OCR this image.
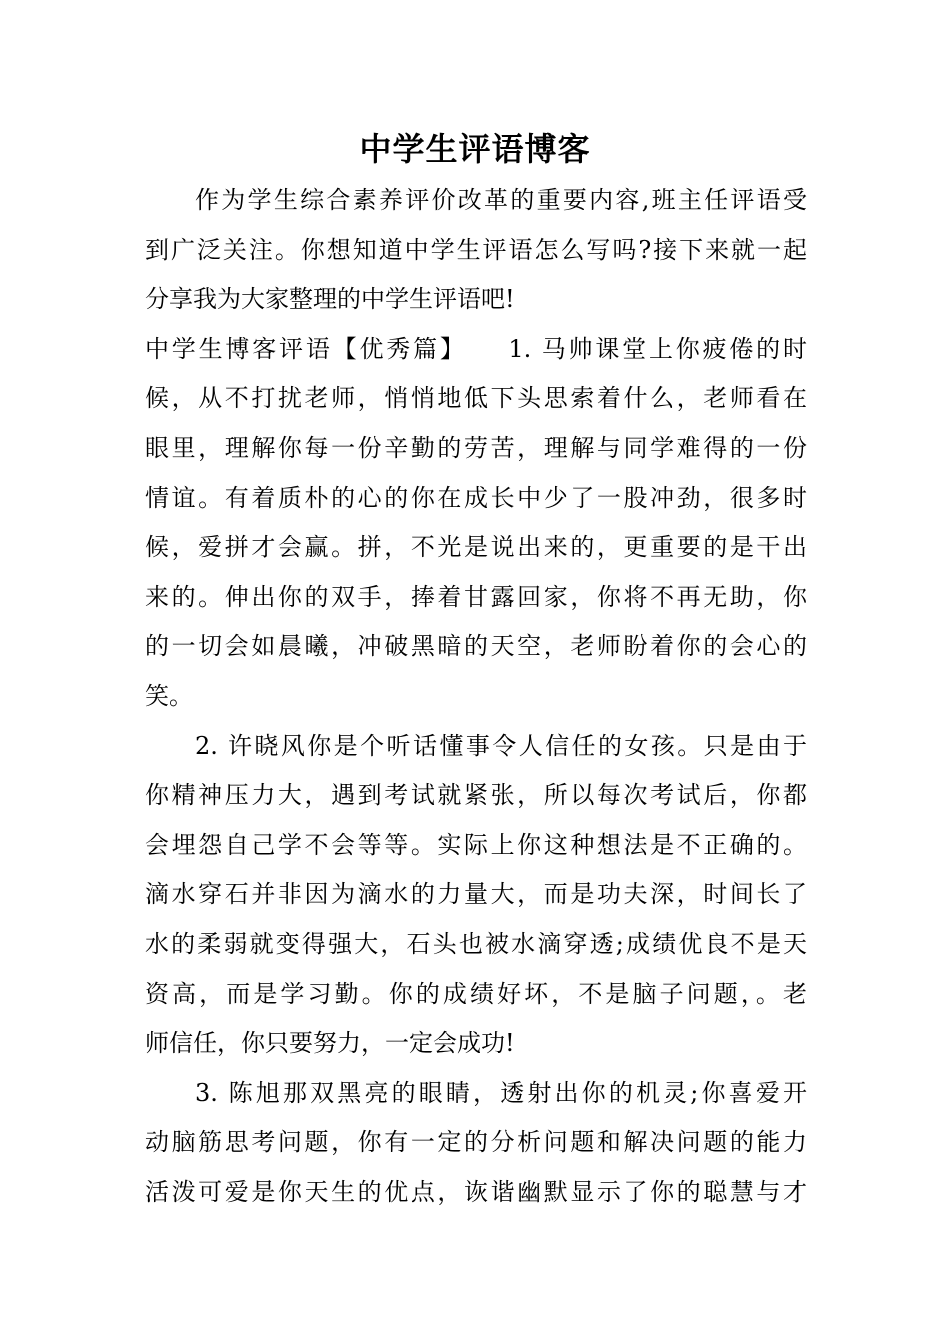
中学生评语博客
作为学生综合素养评价改革的重要内容,班主任评语受
到广泛关注。你想知道中学生评语怎么写吗?接下来就一起
分享我为大家整理的中学生评语吧!
中学生博客评语【优秀篇】　　1. 马帅课堂上你疲倦的时
候，从不打扰老师，悄悄地低下头思索着什么，老师看在
眼里，理解你每一份辛勤的劳苦，理解与同学难得的一份
情谊。有着质朴的心的你在成长中少了一股冲劲，很多时
候，爱拼才会赢。拼，不光是说出来的，更重要的是干出
来的。伸出你的双手，捧着甘露回家，你将不再无助，你
的一切会如晨曦，冲破黑暗的天空，老师盼着你的会心的
笑。
2. 许晓风你是个听话懂事令人信任的女孩。只是由于
你精神压力大，遇到考试就紧张，所以每次考试后，你都
会埋怨自己学不会等等。实际上你这种想法是不正确的。
滴水穿石并非因为滴水的力量大，而是功夫深，时间长了
水的柔弱就变得强大，石头也被水滴穿透;成绩优良不是天
资高，而是学习勤。你的成绩好坏，不是脑子问题，。老
师信任，你只要努力，一定会成功!
3. 陈旭那双黑亮的眼睛，透射出你的机灵;你喜爱开
动脑筋思考问题，你有一定的分析问题和解决问题的能力
活泼可爱是你天生的优点，诙谐幽默显示了你的聪慧与才
